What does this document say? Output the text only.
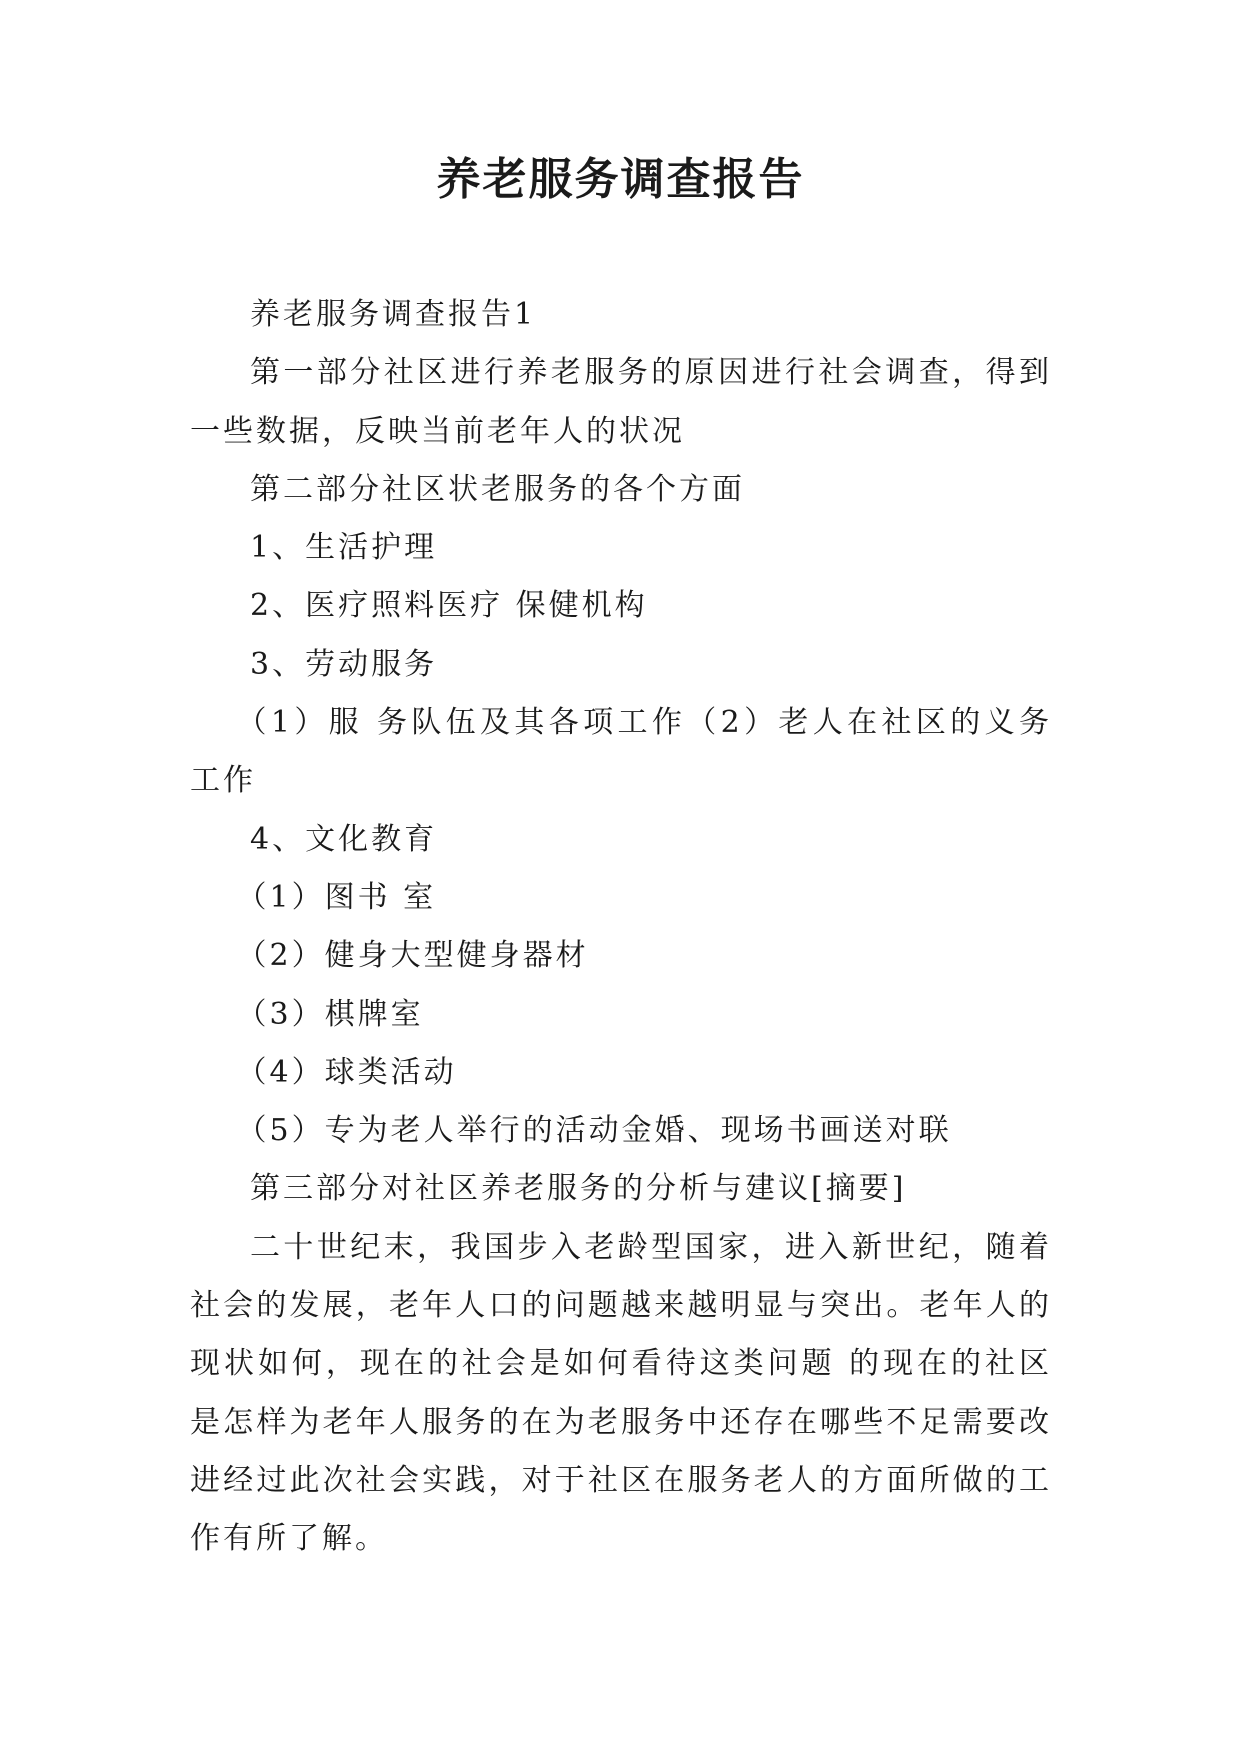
养老服务调查报告

养老服务调查报告1

第一部分社区进行养老服务的原因进行社会调查，得到一些数据，反映当前老年人的状况

第二部分社区状老服务的各个方面

1、生活护理

2、医疗照料医疗 保健机构

3、劳动服务

（1）服 务队伍及其各项工作（2）老人在社区的义务工作

4、文化教育

（1）图书 室

（2）健身大型健身器材

（3）棋牌室

（4）球类活动

（5）专为老人举行的活动金婚、现场书画送对联

第三部分对社区养老服务的分析与建议[摘要]

二十世纪末，我国步入老龄型国家，进入新世纪，随着社会的发展，老年人口的问题越来越明显与突出。老年人的现状如何，现在的社会是如何看待这类问题 的现在的社区是怎样为老年人服务的在为老服务中还存在哪些不足需要改进经过此次社会实践，对于社区在服务老人的方面所做的工作有所了解。
